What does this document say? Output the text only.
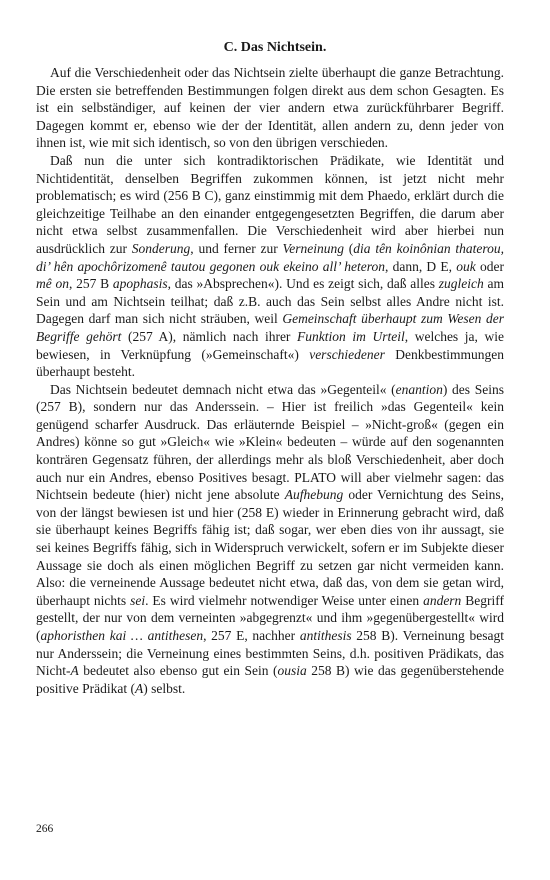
C. Das Nichtsein.

Auf die Verschiedenheit oder das Nichtsein zielte überhaupt die ganze Betrachtung. Die ersten sie betreffenden Bestimmungen folgen direkt aus dem schon Gesagten. Es ist ein selbständiger, auf keinen der vier andern etwa zurückführbarer Begriff. Dagegen kommt er, ebenso wie der der Identität, allen andern zu, denn jeder von ihnen ist, wie mit sich identisch, so von den übrigen verschieden.

Daß nun die unter sich kontradiktorischen Prädikate, wie Identität und Nichtidentität, denselben Begriffen zukommen können, ist jetzt nicht mehr problematisch; es wird (256 B C), ganz einstimmig mit dem Phaedo, erklärt durch die gleichzeitige Teilhabe an den einander entgegengesetzten Begriffen, die darum aber nicht etwa selbst zusammenfallen. Die Verschiedenheit wird aber hierbei nun ausdrücklich zur Sonderung, und ferner zur Verneinung (dia tên koinônian thaterou, di’ hên apochôrizomenê tautou gegonen ouk ekeino all’ heteron, dann, D E, ouk oder mê on, 257 B apophasis, das »Absprechen«). Und es zeigt sich, daß alles zugleich am Sein und am Nichtsein teilhat; daß z.B. auch das Sein selbst alles Andre nicht ist. Dagegen darf man sich nicht sträuben, weil Gemeinschaft überhaupt zum Wesen der Begriffe gehört (257 A), nämlich nach ihrer Funktion im Urteil, welches ja, wie bewiesen, in Verknüpfung (»Gemeinschaft«) verschiedener Denkbestimmungen überhaupt besteht.

Das Nichtsein bedeutet demnach nicht etwa das »Gegenteil« (enantion) des Seins (257 B), sondern nur das Anderssein. – Hier ist freilich »das Gegenteil« kein genügend scharfer Ausdruck. Das erläuternde Beispiel – »Nicht-groß« (gegen ein Andres) könne so gut »Gleich« wie »Klein« bedeuten – würde auf den sogenannten konträren Gegensatz führen, der allerdings mehr als bloß Verschiedenheit, aber doch auch nur ein Andres, ebenso Positives besagt. PLATO will aber vielmehr sagen: das Nichtsein bedeute (hier) nicht jene absolute Aufhebung oder Vernichtung des Seins, von der längst bewiesen ist und hier (258 E) wieder in Erinnerung gebracht wird, daß sie überhaupt keines Begriffs fähig ist; daß sogar, wer eben dies von ihr aussagt, sie sei keines Begriffs fähig, sich in Widerspruch verwickelt, sofern er im Subjekte dieser Aussage sie doch als einen möglichen Begriff zu setzen gar nicht vermeiden kann. Also: die verneinende Aussage bedeutet nicht etwa, daß das, von dem sie getan wird, überhaupt nichts sei. Es wird vielmehr notwendiger Weise unter einen andern Begriff gestellt, der nur von dem verneinten »abgegrenzt« und ihm »gegenübergestellt« wird (aphoristhen kai … antithesen, 257 E, nachher antithesis 258 B). Verneinung besagt nur Anderssein; die Verneinung eines bestimmten Seins, d.h. positiven Prädikats, das Nicht-A bedeutet also ebenso gut ein Sein (ousia 258 B) wie das gegenüberstehende positive Prädikat (A) selbst.

266
